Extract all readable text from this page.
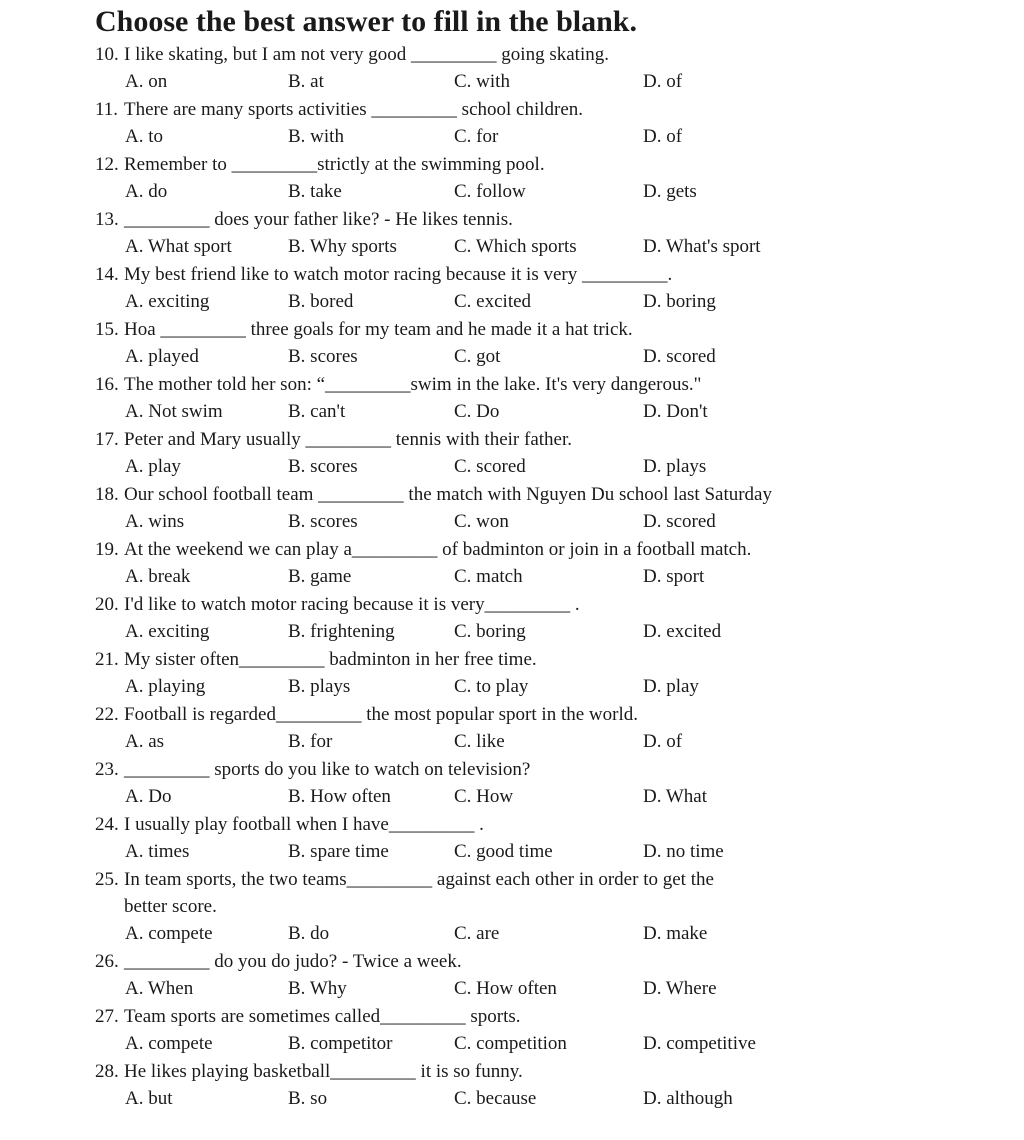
Choose the best answer to fill in the blank.
10. I like skating, but I am not very good _________ going skating.
A. on	B. at	C. with	D. of
11. There are many sports activities _________ school children.
A. to	B. with	C. for	D. of
12. Remember to _________strictly at the swimming pool.
A. do	B. take	C. follow	D. gets
13. _________ does your father like? - He likes tennis.
A. What sport	B. Why sports	C. Which sports	D. What's sport
14. My best friend like to watch motor racing because it is very _________.
A. exciting	B. bored	C. excited	D. boring
15. Hoa _________ three goals for my team and he made it a hat trick.
A. played	B. scores	C. got	D. scored
16. The mother told her son: “_________swim in the lake. It's very dangerous."
A. Not swim	B. can't	C. Do	D. Don't
17. Peter and Mary usually _________ tennis with their father.
A. play	B. scores	C. scored	D. plays
18. Our school football team _________ the match with Nguyen Du school last Saturday
A. wins	B. scores	C. won	D. scored
19. At the weekend we can play a_________ of badminton or join in a football match.
A. break	B. game	C. match	D. sport
20. I'd like to watch motor racing because it is very_________ .
A. exciting	B. frightening	C. boring	D. excited
21. My sister often_________ badminton in her free time.
A. playing	B. plays	C. to play	D. play
22. Football is regarded_________ the most popular sport in the world.
A. as	B. for	C. like	D. of
23. _________ sports do you like to watch on television?
A. Do	B. How often	C. How	D. What
24. I usually play football when I have_________ .
A. times	B. spare time	C. good time	D. no time
25. In team sports, the two teams_________ against each other in order to get the
better score.
A. compete	B. do	C. are	D. make
26. _________ do you do judo? - Twice a week.
A. When	B. Why	C. How often	D. Where
27. Team sports are sometimes called_________ sports.
A. compete	B. competitor	C. competition	D. competitive
28. He likes playing basketball_________ it is so funny.
A. but	B. so	C. because	D. although
